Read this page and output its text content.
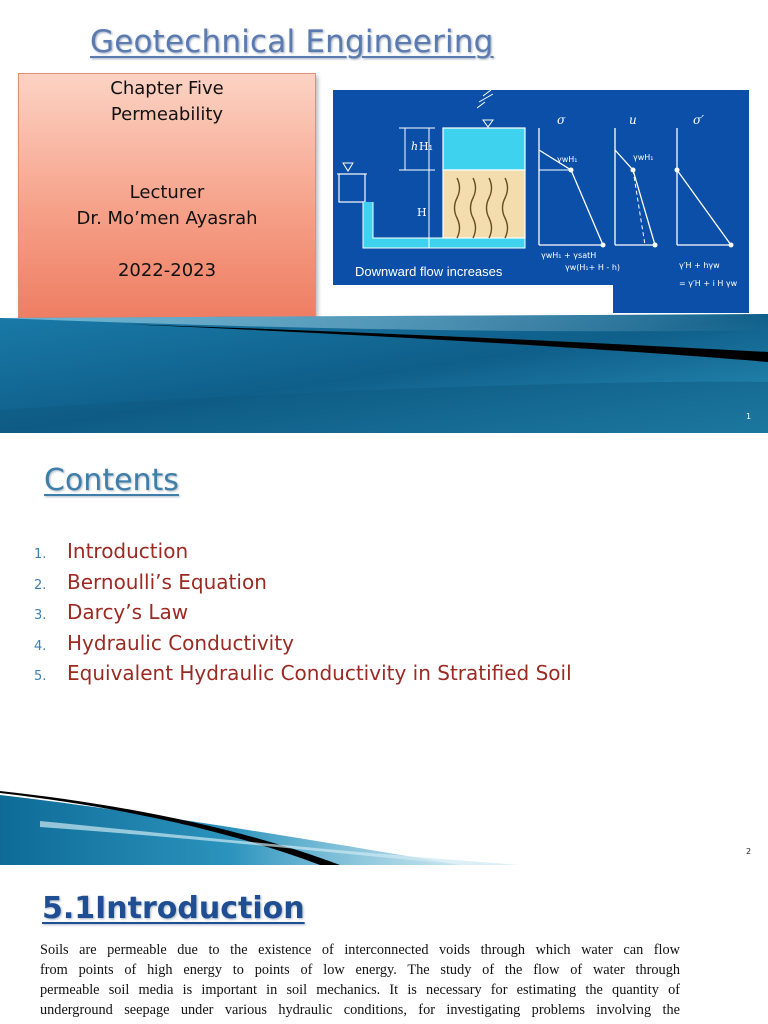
Geotechnical Engineering
Chapter Five
Permeability
Lecturer
Dr. Mo’men Ayasrah
2022-2023
h H₁
H
σ	u	σ′
γwH₁
γwH₁ + γsatH
γwH₁
γw(H₁+ H - h)	γ′H + hγw
= γ′H + i H γw
Downward flow increases
1
Contents
1. Introduction
2. Bernoulli’s Equation
3. Darcy’s Law
4. Hydraulic Conductivity
5. Equivalent Hydraulic Conductivity in Stratified Soil
2
5.1Introduction
Soils are permeable due to the existence of interconnected voids through which water can flow
from points of high energy to points of low energy. The study of the flow of water through
permeable soil media is important in soil mechanics. It is necessary for estimating the quantity of
underground seepage under various hydraulic conditions, for investigating problems involving the
